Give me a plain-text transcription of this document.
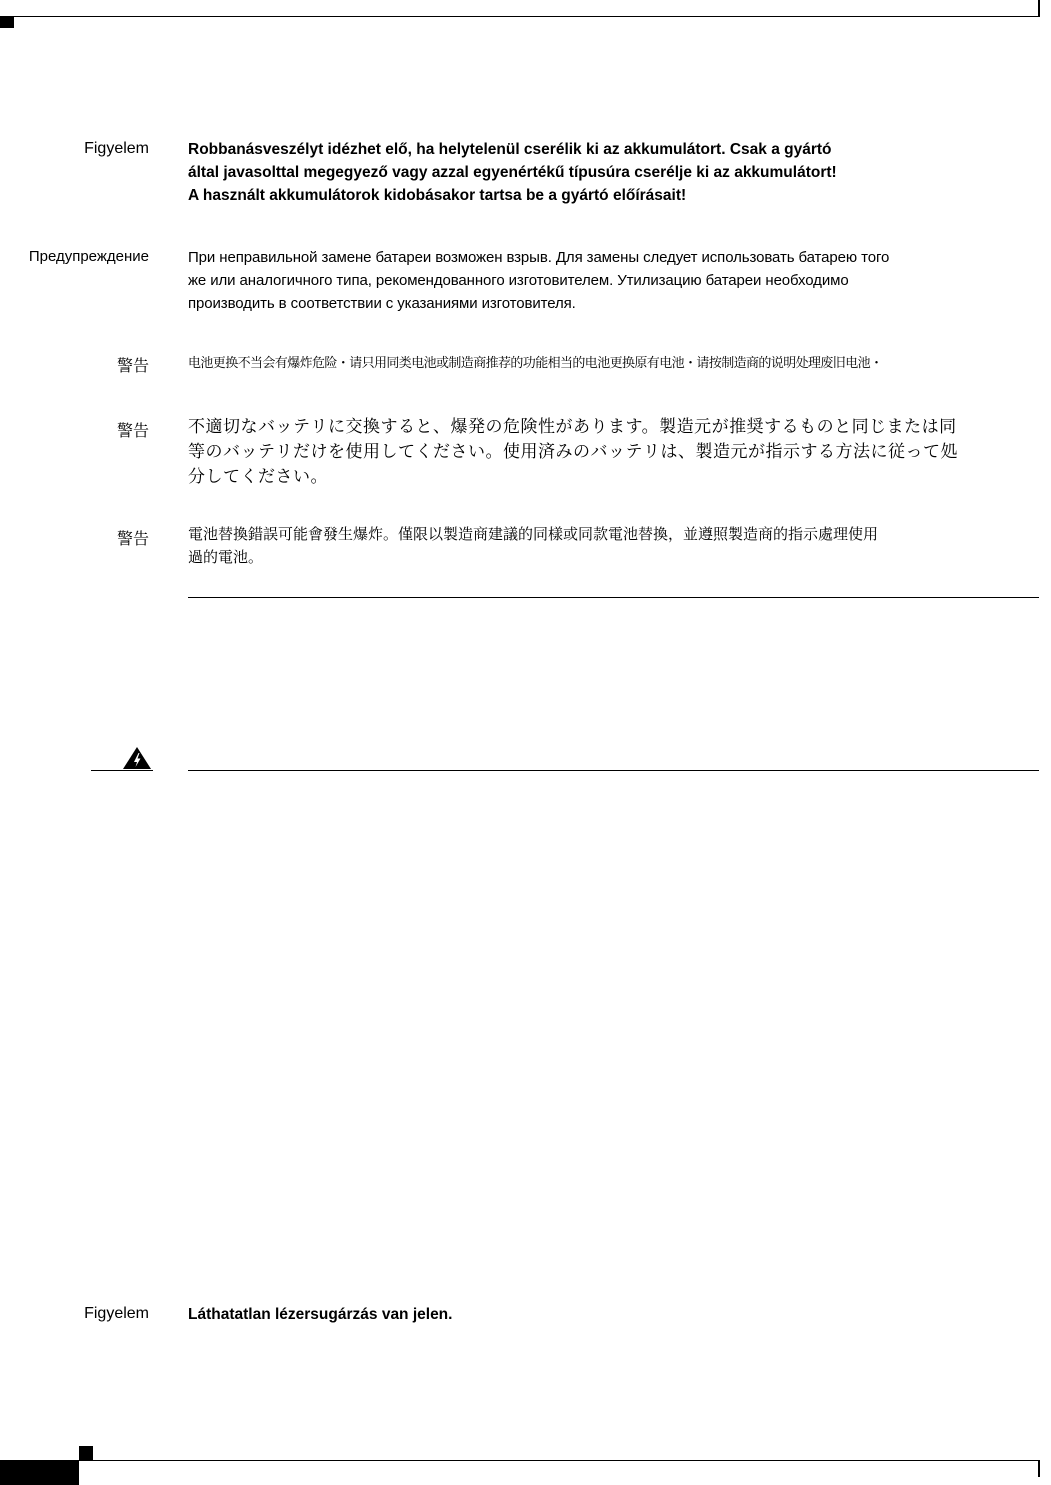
Figyelem	Robbanásveszélyt idézhet elő, ha helytelenül cserélik ki az akkumulátort. Csak a gyártó
által javasolttal megegyező vagy azzal egyenértékű típusúra cserélje ki az akkumulátort!
A használt akkumulátorok kidobásakor tartsa be a gyártó előírásait!
Предупреждение	При неправильной замене батареи возможен взрыв. Для замены следует использовать батарею того
же или аналогичного типа, рекомендованного изготовителем. Утилизацию батареи необходимо
производить в соответствии с указаниями изготовителя.
警告	电池更换不当会有爆炸危险・请只用同类电池或制造商推荐的功能相当的电池更换原有电池・请按制造商的说明处理废旧电池・
警告 不適切なバッテリに交換すると、爆発の危険性があります。製造元が推奨するものと同じまたは同
等のバッテリだけを使用してください。使用済みのバッテリは、製造元が指示する方法に従って処
分してください。
警告	電池替換錯誤可能會發生爆炸。僅限以製造商建議的同樣或同款電池替換，並遵照製造商的指示處理使用
過的電池。
Figyelem	Láthatatlan lézersugárzás van jelen.
